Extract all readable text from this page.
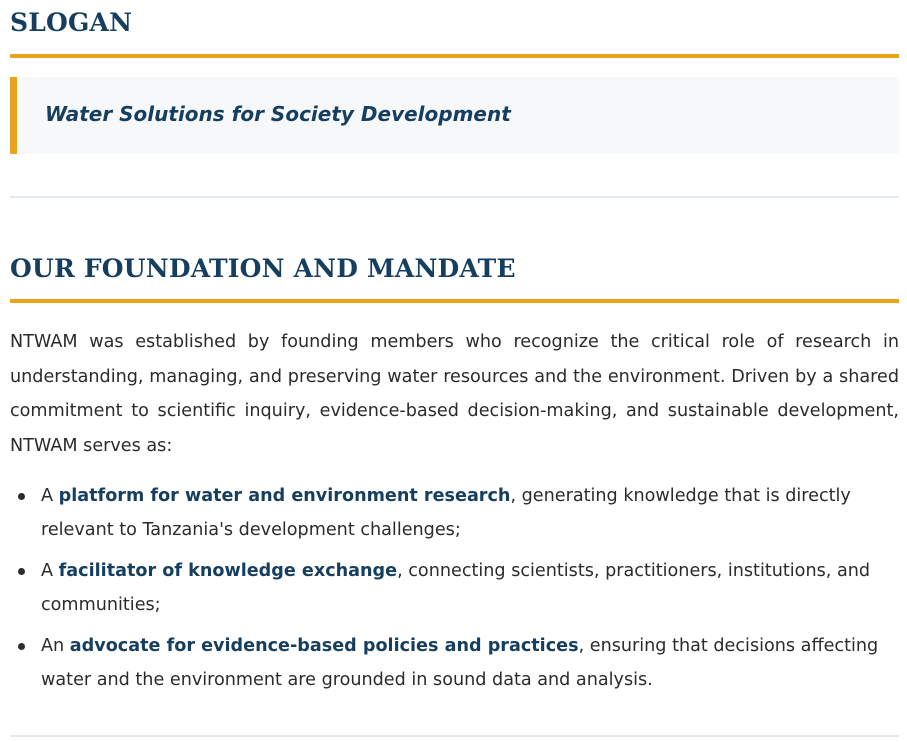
SLOGAN

Water Solutions for Society Development

OUR FOUNDATION AND MANDATE

NTWAM was established by founding members who recognize the critical role of research in understanding, managing, and preserving water resources and the environment. Driven by a shared commitment to scientific inquiry, evidence-based decision-making, and sustainable development, NTWAM serves as:

A platform for water and environment research, generating knowledge that is directly relevant to Tanzania's development challenges;
A facilitator of knowledge exchange, connecting scientists, practitioners, institutions, and communities;
An advocate for evidence-based policies and practices, ensuring that decisions affecting water and the environment are grounded in sound data and analysis.
